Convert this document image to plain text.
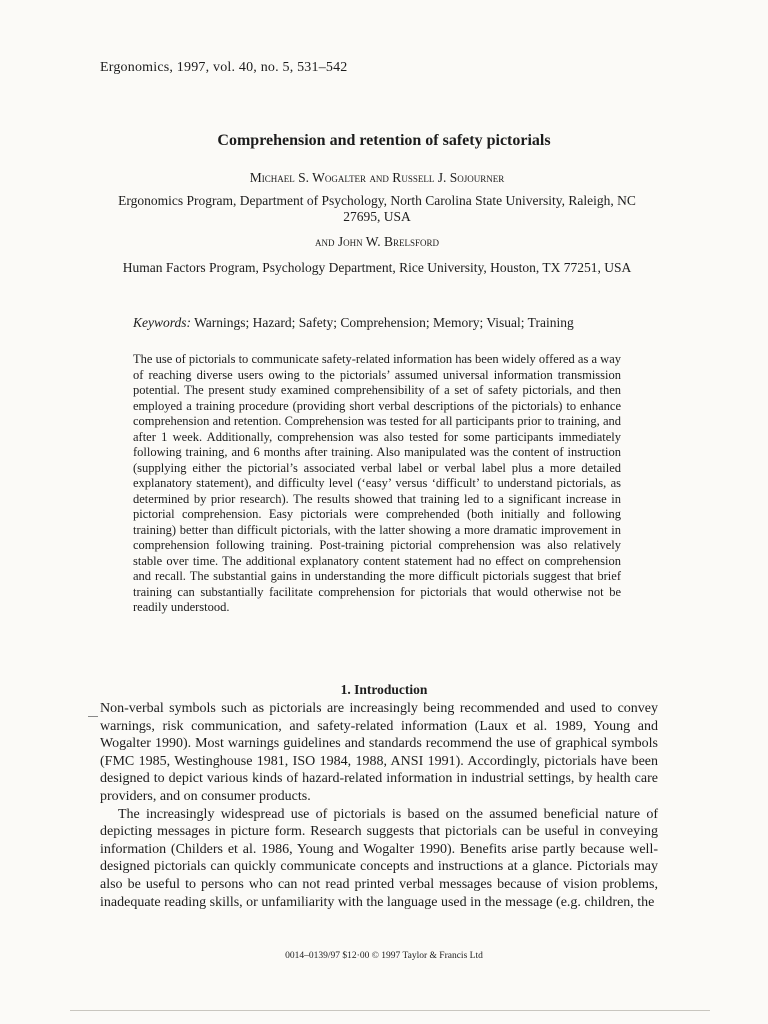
Ergonomics, 1997, vol. 40, no. 5, 531–542
Comprehension and retention of safety pictorials
Michael S. Wogalter and Russell J. Sojourner
Ergonomics Program, Department of Psychology, North Carolina State University, Raleigh, NC 27695, USA
and John W. Brelsford
Human Factors Program, Psychology Department, Rice University, Houston, TX 77251, USA
Keywords: Warnings; Hazard; Safety; Comprehension; Memory; Visual; Training
The use of pictorials to communicate safety-related information has been widely offered as a way of reaching diverse users owing to the pictorials’ assumed universal information transmission potential. The present study examined comprehensibility of a set of safety pictorials, and then employed a training procedure (providing short verbal descriptions of the pictorials) to enhance comprehension and retention. Comprehension was tested for all participants prior to training, and after 1 week. Additionally, comprehension was also tested for some participants immediately following training, and 6 months after training. Also manipulated was the content of instruction (supplying either the pictorial’s associated verbal label or verbal label plus a more detailed explanatory statement), and difficulty level (‘easy’ versus ‘difficult’ to understand pictorials, as determined by prior research). The results showed that training led to a significant increase in pictorial comprehension. Easy pictorials were comprehended (both initially and following training) better than difficult pictorials, with the latter showing a more dramatic improvement in comprehension following training. Post-training pictorial comprehension was also relatively stable over time. The additional explanatory content statement had no effect on comprehension and recall. The substantial gains in understanding the more difficult pictorials suggest that brief training can substantially facilitate comprehension for pictorials that would otherwise not be readily understood.
1. Introduction

Non-verbal symbols such as pictorials are increasingly being recommended and used to convey warnings, risk communication, and safety-related information (Laux et al. 1989, Young and Wogalter 1990). Most warnings guidelines and standards recommend the use of graphical symbols (FMC 1985, Westinghouse 1981, ISO 1984, 1988, ANSI 1991). Accordingly, pictorials have been designed to depict various kinds of hazard-related information in industrial settings, by health care providers, and on consumer products.

The increasingly widespread use of pictorials is based on the assumed beneficial nature of depicting messages in picture form. Research suggests that pictorials can be useful in conveying information (Childers et al. 1986, Young and Wogalter 1990). Benefits arise partly because well-designed pictorials can quickly communicate concepts and instructions at a glance. Pictorials may also be useful to persons who can not read printed verbal messages because of vision problems, inadequate reading skills, or unfamiliarity with the language used in the message (e.g. children, the

0014–0139/97 $12·00 © 1997 Taylor & Francis Ltd
